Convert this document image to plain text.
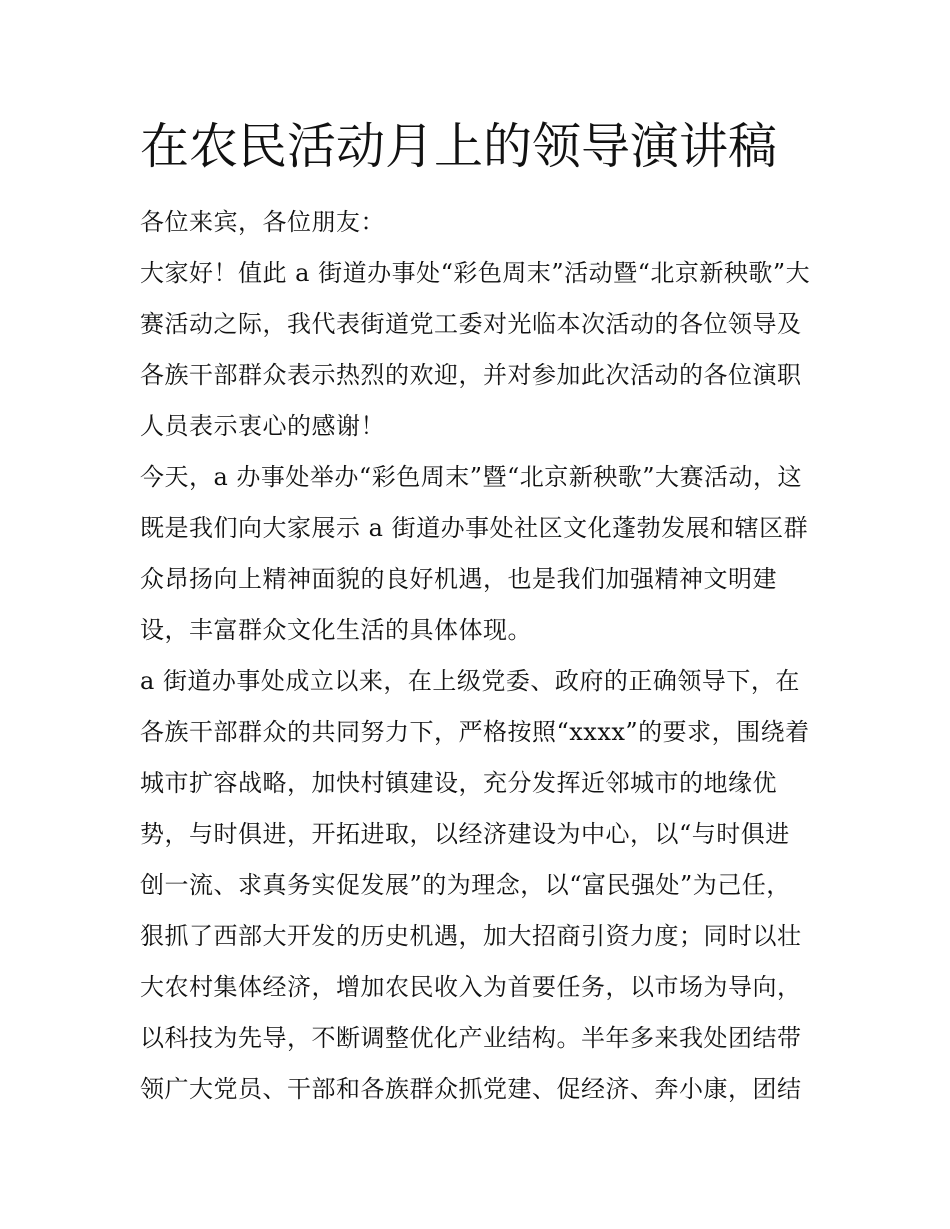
在农民活动月上的领导演讲稿
各位来宾，各位朋友：
大家好！值此 a 街道办事处“彩色周末”活动暨“北京新秧歌”大
赛活动之际，我代表街道党工委对光临本次活动的各位领导及
各族干部群众表示热烈的欢迎，并对参加此次活动的各位演职
人员表示衷心的感谢！
今天，a 办事处举办“彩色周末”暨“北京新秧歌”大赛活动，这
既是我们向大家展示 a 街道办事处社区文化蓬勃发展和辖区群
众昂扬向上精神面貌的良好机遇，也是我们加强精神文明建
设，丰富群众文化生活的具体体现。
a 街道办事处成立以来，在上级党委、政府的正确领导下，在
各族干部群众的共同努力下，严格按照“xxxx”的要求，围绕着
城市扩容战略，加快村镇建设，充分发挥近邻城市的地缘优
势，与时俱进，开拓进取，以经济建设为中心，以“与时俱进
创一流、求真务实促发展”的为理念，以“富民强处”为己任，
狠抓了西部大开发的历史机遇，加大招商引资力度；同时以壮
大农村集体经济，增加农民收入为首要任务，以市场为导向，
以科技为先导，不断调整优化产业结构。半年多来我处团结带
领广大党员、干部和各族群众抓党建、促经济、奔小康，团结
